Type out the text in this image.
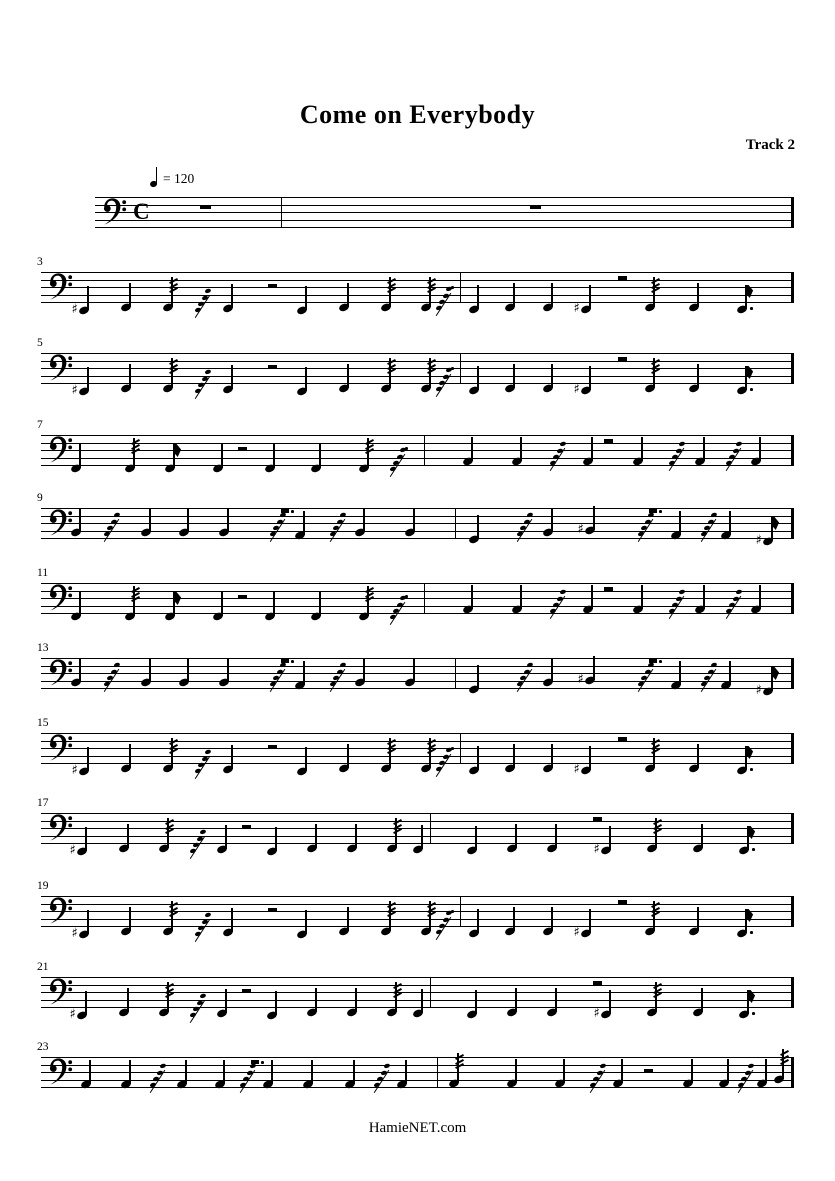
Come on Everybody
Track 2
= 120
HamieNET.com
C
3
♯	♯
5
♯	♯
7
9
♯
♯
11
13
♯
♯
15
♯	♯
17
♯	♯
19
♯	♯
21
♯	♯
23
